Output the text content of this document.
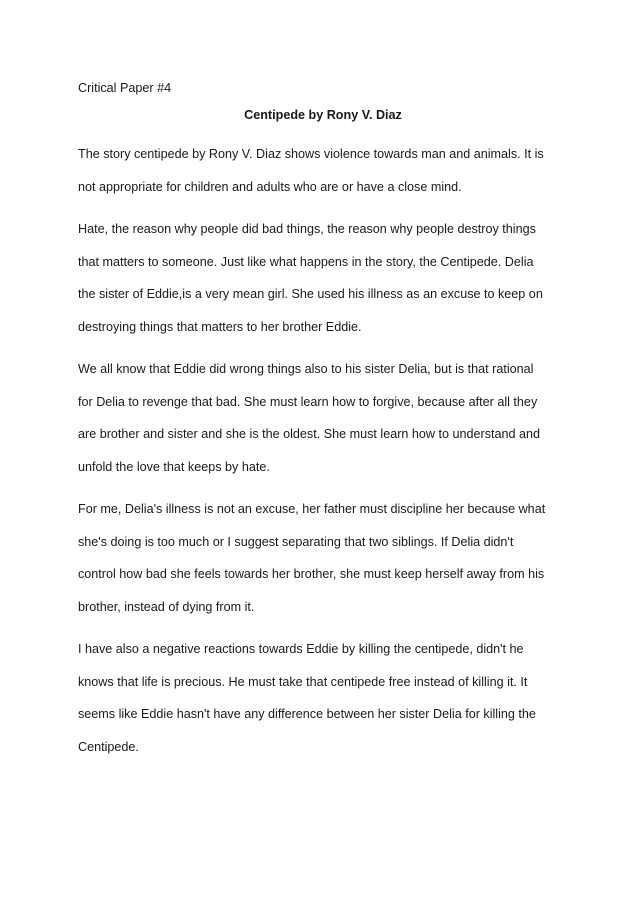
Critical Paper #4
Centipede by Rony V. Diaz
The story centipede by Rony V. Diaz shows violence towards man and animals. It is
not appropriate for children and adults who are or have a close mind.
Hate, the reason why people did bad things, the reason why people destroy things
that matters to someone. Just like what happens in the story, the Centipede. Delia
the sister of Eddie,is a very mean girl. She used his illness as an excuse to keep on
destroying things that matters to her brother Eddie.
We all know that Eddie did wrong things also to his sister Delia, but is that rational
for Delia to revenge that bad. She must learn how to forgive, because after all they
are brother and sister and she is the oldest. She must learn how to understand and
unfold the love that keeps by hate.
For me, Delia's illness is not an excuse, her father must discipline her because what
she's doing is too much or I suggest separating that two siblings. If Delia didn't
control how bad she feels towards her brother, she must keep herself away from his
brother, instead of dying from it.
I have also a negative reactions towards Eddie by killing the centipede, didn't he
knows that life is precious. He must take that centipede free instead of killing it. It
seems like Eddie hasn't have any difference between her sister Delia for killing the
Centipede.
